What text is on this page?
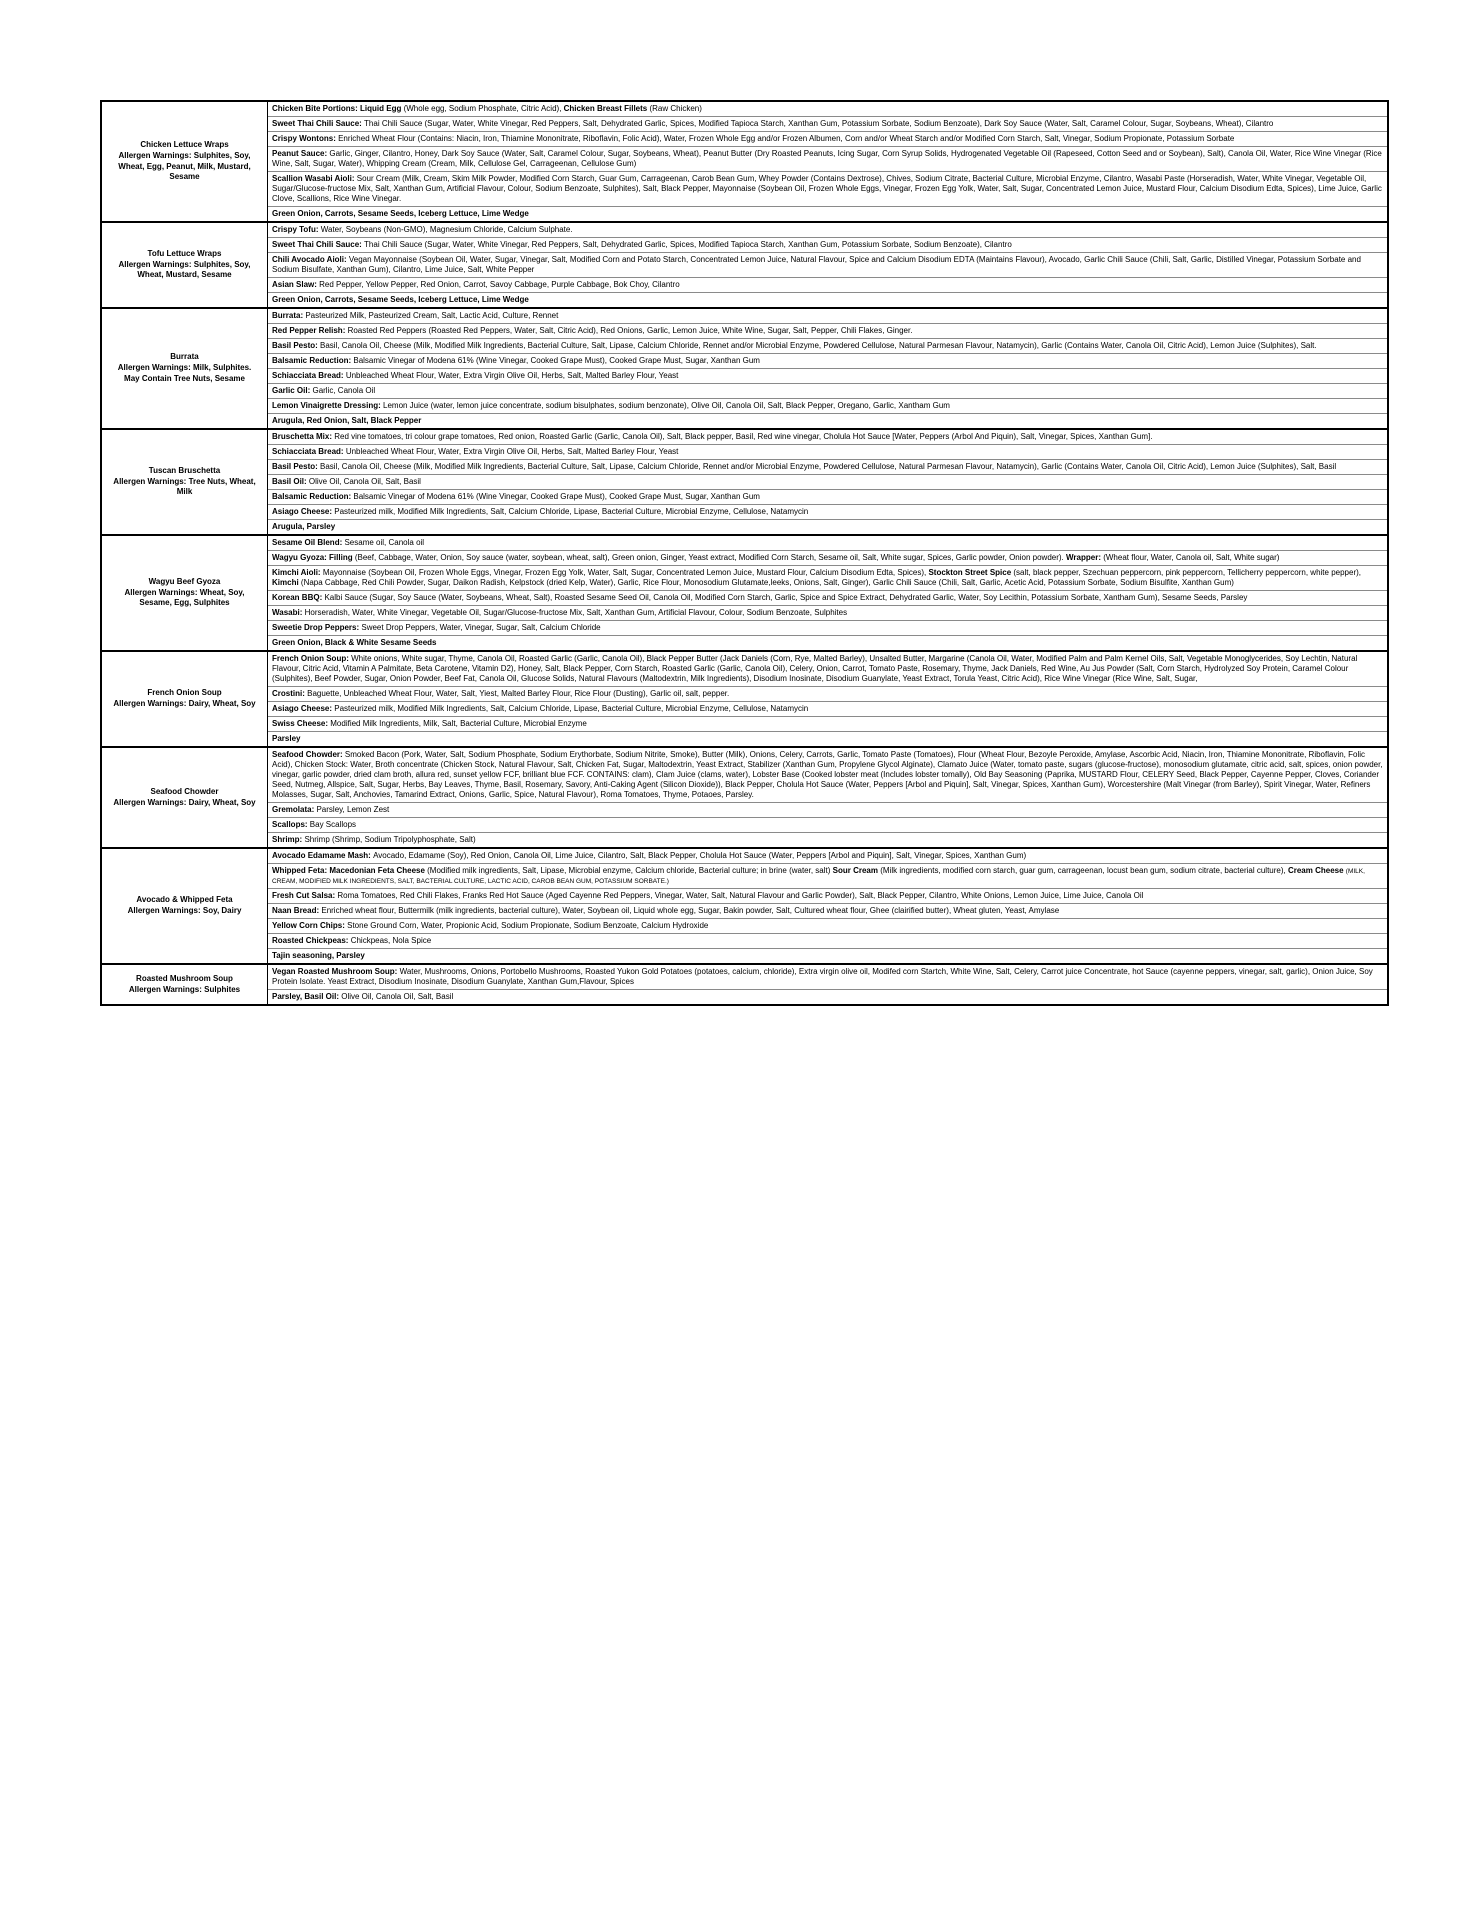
Chicken Lettuce Wraps
Allergen Warnings: Sulphites, Soy, Wheat, Egg, Peanut, Milk, Mustard, Sesame
Chicken Bite Portions: Liquid Egg (Whole egg, Sodium Phosphate, Citric Acid), Chicken Breast Fillets (Raw Chicken)
Sweet Thai Chili Sauce: Thai Chili Sauce (Sugar, Water, White Vinegar, Red Peppers, Salt, Dehydrated Garlic, Spices, Modified Tapioca Starch, Xanthan Gum, Potassium Sorbate, Sodium Benzoate), Dark Soy Sauce (Water, Salt, Caramel Colour, Sugar, Soybeans, Wheat), Cilantro
Crispy Wontons: Enriched Wheat Flour (Contains: Niacin, Iron, Thiamine Mononitrate, Riboflavin, Folic Acid), Water, Frozen Whole Egg and/or Frozen Albumen, Corn and/or Wheat Starch and/or Modified Corn Starch, Salt, Vinegar, Sodium Propionate, Potassium Sorbate
Peanut Sauce: Garlic, Ginger, Cilantro, Honey, Dark Soy Sauce (Water, Salt, Caramel Colour, Sugar, Soybeans, Wheat), Peanut Butter (Dry Roasted Peanuts, Icing Sugar, Corn Syrup Solids, Hydrogenated Vegetable Oil (Rapeseed, Cotton Seed and or Soybean), Salt), Canola Oil, Water, Rice Wine Vinegar (Rice Wine, Salt, Sugar, Water), Whipping Cream (Cream, Milk, Cellulose Gel, Carrageenan, Cellulose Gum)
Scallion Wasabi Aioli: Sour Cream (Milk, Cream, Skim Milk Powder, Modified Corn Starch, Guar Gum, Carrageenan, Carob Bean Gum, Whey Powder (Contains Dextrose), Chives, Sodium Citrate, Bacterial Culture, Microbial Enzyme, Cilantro, Wasabi Paste (Horseradish, Water, White Vinegar, Vegetable Oil, Sugar/Glucose-fructose Mix, Salt, Xanthan Gum, Artificial Flavour, Colour, Sodium Benzoate, Sulphites), Salt, Black Pepper, Mayonnaise (Soybean Oil, Frozen Whole Eggs, Vinegar, Frozen Egg Yolk, Water, Salt, Sugar, Concentrated Lemon Juice, Mustard Flour, Calcium Disodium Edta, Spices), Lime Juice, Garlic Clove, Scallions, Rice Wine Vinegar.
Green Onion, Carrots, Sesame Seeds, Iceberg Lettuce, Lime Wedge
Tofu Lettuce Wraps
Allergen Warnings: Sulphites, Soy, Wheat, Mustard, Sesame
Crispy Tofu: Water, Soybeans (Non-GMO), Magnesium Chloride, Calcium Sulphate.
Sweet Thai Chili Sauce: Thai Chili Sauce (Sugar, Water, White Vinegar, Red Peppers, Salt, Dehydrated Garlic, Spices, Modified Tapioca Starch, Xanthan Gum, Potassium Sorbate, Sodium Benzoate), Cilantro
Chili Avocado Aioli: Vegan Mayonnaise (Soybean Oil, Water, Sugar, Vinegar, Salt, Modified Corn and Potato Starch, Concentrated Lemon Juice, Natural Flavour, Spice and Calcium Disodium EDTA (Maintains Flavour), Avocado, Garlic Chili Sauce (Chili, Salt, Garlic, Distilled Vinegar, Potassium Sorbate and Sodium Bisulfate, Xanthan Gum), Cilantro, Lime Juice, Salt, White Pepper
Asian Slaw: Red Pepper, Yellow Pepper, Red Onion, Carrot, Savoy Cabbage, Purple Cabbage, Bok Choy, Cilantro
Green Onion, Carrots, Sesame Seeds, Iceberg Lettuce, Lime Wedge
Burrata
Allergen Warnings: Milk, Sulphites. May Contain Tree Nuts, Sesame
Burrata: Pasteurized Milk, Pasteurized Cream, Salt, Lactic Acid, Culture, Rennet
Red Pepper Relish: Roasted Red Peppers (Roasted Red Peppers, Water, Salt, Citric Acid), Red Onions, Garlic, Lemon Juice, White Wine, Sugar, Salt, Pepper, Chili Flakes, Ginger.
Basil Pesto: Basil, Canola Oil, Cheese (Milk, Modified Milk Ingredients, Bacterial Culture, Salt, Lipase, Calcium Chloride, Rennet and/or Microbial Enzyme, Powdered Cellulose, Natural Parmesan Flavour, Natamycin), Garlic (Contains Water, Canola Oil, Citric Acid), Lemon Juice (Sulphites), Salt.
Balsamic Reduction: Balsamic Vinegar of Modena 61% (Wine Vinegar, Cooked Grape Must), Cooked Grape Must, Sugar, Xanthan Gum
Schiacciata Bread: Unbleached Wheat Flour, Water, Extra Virgin Olive Oil, Herbs, Salt, Malted Barley Flour, Yeast
Garlic Oil: Garlic, Canola Oil
Lemon Vinaigrette Dressing: Lemon Juice (water, lemon juice concentrate, sodium bisulphates, sodium benzonate), Olive Oil, Canola Oil, Salt, Black Pepper, Oregano, Garlic, Xantham Gum
Arugula, Red Onion, Salt, Black Pepper
Tuscan Bruschetta
Allergen Warnings: Tree Nuts, Wheat, Milk
Bruschetta Mix: Red vine tomatoes, tri colour grape tomatoes, Red onion, Roasted Garlic (Garlic, Canola Oil), Salt, Black pepper, Basil, Red wine vinegar, Cholula Hot Sauce [Water, Peppers (Arbol And Piquin), Salt, Vinegar, Spices, Xanthan Gum].
Schiacciata Bread: Unbleached Wheat Flour, Water, Extra Virgin Olive Oil, Herbs, Salt, Malted Barley Flour, Yeast
Basil Pesto: Basil, Canola Oil, Cheese (Milk, Modified Milk Ingredients, Bacterial Culture, Salt, Lipase, Calcium Chloride, Rennet and/or Microbial Enzyme, Powdered Cellulose, Natural Parmesan Flavour, Natamycin), Garlic (Contains Water, Canola Oil, Citric Acid), Lemon Juice (Sulphites), Salt, Basil
Basil Oil: Olive Oil, Canola Oil, Salt, Basil
Balsamic Reduction: Balsamic Vinegar of Modena 61% (Wine Vinegar, Cooked Grape Must), Cooked Grape Must, Sugar, Xanthan Gum
Asiago Cheese: Pasteurized milk, Modified Milk Ingredients, Salt, Calcium Chloride, Lipase, Bacterial Culture, Microbial Enzyme, Cellulose, Natamycin
Arugula, Parsley
Wagyu Beef Gyoza
Allergen Warnings: Wheat, Soy, Sesame, Egg, Sulphites
Sesame Oil Blend: Sesame oil, Canola oil
Wagyu Gyoza: Filling (Beef, Cabbage, Water, Onion, Soy sauce (water, soybean, wheat, salt), Green onion, Ginger, Yeast extract, Modified Corn Starch, Sesame oil, Salt, White sugar, Spices, Garlic powder, Onion powder). Wrapper: (Wheat flour, Water, Canola oil, Salt, White sugar)
Kimchi Aioli: Mayonnaise (Soybean Oil, Frozen Whole Eggs, Vinegar, Frozen Egg Yolk, Water, Salt, Sugar, Concentrated Lemon Juice, Mustard Flour, Calcium Disodium Edta, Spices), Stockton Street Spice (salt, black pepper, Szechuan peppercorn, pink peppercorn, Tellicherry peppercorn, white pepper), Kimchi (Napa Cabbage, Red Chili Powder, Sugar, Daikon Radish, Kelpstock (dried Kelp, Water), Garlic, Rice Flour, Monosodium Glutamate,leeks, Onions, Salt, Ginger), Garlic Chili Sauce (Chili, Salt, Garlic, Acetic Acid, Potassium Sorbate, Sodium Bisulfite, Xanthan Gum)
Korean BBQ: Kalbi Sauce (Sugar, Soy Sauce (Water, Soybeans, Wheat, Salt), Roasted Sesame Seed Oil, Canola Oil, Modified Corn Starch, Garlic, Spice and Spice Extract, Dehydrated Garlic, Water, Soy Lecithin, Potassium Sorbate, Xantham Gum), Sesame Seeds, Parsley
Wasabi: Horseradish, Water, White Vinegar, Vegetable Oil, Sugar/Glucose-fructose Mix, Salt, Xanthan Gum, Artificial Flavour, Colour, Sodium Benzoate, Sulphites
Sweetie Drop Peppers: Sweet Drop Peppers, Water, Vinegar, Sugar, Salt, Calcium Chloride
Green Onion, Black & White Sesame Seeds
French Onion Soup
Allergen Warnings: Dairy, Wheat, Soy
French Onion Soup: White onions, White sugar, Thyme, Canola Oil, Roasted Garlic (Garlic, Canola Oil), Black Pepper Butter (Jack Daniels (Corn, Rye, Malted Barley), Unsalted Butter, Margarine (Canola Oil, Water, Modified Palm and Palm Kernel Oils, Salt, Vegetable Monoglycerides, Soy Lechtin, Natural Flavour, Citric Acid, Vitamin A Palmitate, Beta Carotene, Vitamin D2), Honey, Salt, Black Pepper, Corn Starch, Roasted Garlic (Garlic, Canola Oil), Celery, Onion, Carrot, Tomato Paste, Rosemary, Thyme, Jack Daniels, Red Wine, Au Jus Powder (Salt, Corn Starch, Hydrolyzed Soy Protein, Caramel Colour (Sulphites), Beef Powder, Sugar, Onion Powder, Beef Fat, Canola Oil, Glucose Solids, Natural Flavours (Maltodextrin, Milk Ingredients), Disodium Inosinate, Disodium Guanylate, Yeast Extract, Torula Yeast, Citric Acid), Rice Wine Vinegar (Rice Wine, Salt, Sugar,
Crostini: Baguette, Unbleached Wheat Flour, Water, Salt, Yiest, Malted Barley Flour, Rice Flour (Dusting), Garlic oil, salt, pepper.
Asiago Cheese: Pasteurized milk, Modified Milk Ingredients, Salt, Calcium Chloride, Lipase, Bacterial Culture, Microbial Enzyme, Cellulose, Natamycin
Swiss Cheese: Modified Milk Ingredients, Milk, Salt, Bacterial Culture, Microbial Enzyme
Parsley
Seafood Chowder
Allergen Warnings: Dairy, Wheat, Soy
Seafood Chowder: Smoked Bacon (Pork, Water, Salt, Sodium Phosphate, Sodium Erythorbate, Sodium Nitrite, Smoke), Butter (Milk), Onions, Celery, Carrots, Garlic, Tomato Paste (Tomatoes), Flour (Wheat Flour, Bezoyle Peroxide, Amylase, Ascorbic Acid, Niacin, Iron, Thiamine Mononitrate, Riboflavin, Folic Acid), Chicken Stock: Water, Broth concentrate (Chicken Stock, Natural Flavour, Salt, Chicken Fat, Sugar, Maltodextrin, Yeast Extract, Stabilizer (Xanthan Gum, Propylene Glycol Alginate), Clamato Juice (Water, tomato paste, sugars (glucose-fructose), monosodium glutamate, citric acid, salt, spices, onion powder, vinegar, garlic powder, dried clam broth, allura red, sunset yellow FCF, brilliant blue FCF. CONTAINS: clam), Clam Juice (clams, water), Lobster Base (Cooked lobster meat (Includes lobster tomally), Old Bay Seasoning (Paprika, MUSTARD Flour, CELERY Seed, Black Pepper, Cayenne Pepper, Cloves, Coriander Seed, Nutmeg, Allspice, Salt, Sugar, Herbs, Bay Leaves, Thyme, Basil, Rosemary, Savory, Anti-Caking Agent (Silicon Dioxide)), Black Pepper, Cholula Hot Sauce (Water, Peppers [Arbol and Piquin], Salt, Vinegar, Spices, Xanthan Gum), Worcestershire (Malt Vinegar (from Barley), Spirit Vinegar, Water, Refiners Molasses, Sugar, Salt, Anchovies, Tamarind Extract, Onions, Garlic, Spice, Natural Flavour), Roma Tomatoes, Thyme, Potaoes, Parsley.
Gremolata: Parsley, Lemon Zest
Scallops: Bay Scallops
Shrimp: Shrimp (Shrimp, Sodium Tripolyphosphate, Salt)
Avocado & Whipped Feta
Allergen Warnings: Soy, Dairy
Avocado Edamame Mash: Avocado, Edamame (Soy), Red Onion, Canola Oil, Lime Juice, Cilantro, Salt, Black Pepper, Cholula Hot Sauce (Water, Peppers [Arbol and Piquin], Salt, Vinegar, Spices, Xanthan Gum)
Whipped Feta: Macedonian Feta Cheese (Modified milk ingredients, Salt, Lipase, Microbial enzyme, Calcium chloride, Bacterial culture; in brine (water, salt) Sour Cream (Milk ingredients, modified corn starch, guar gum, carrageenan, locust bean gum, sodium citrate, bacterial culture), Cream Cheese (MILK, CREAM, MODIFIED MILK INGREDIENTS, SALT, BACTERIAL CULTURE, LACTIC ACID, CAROB BEAN GUM, POTASSIUM SORBATE.)
Fresh Cut Salsa: Roma Tomatoes, Red Chili Flakes, Franks Red Hot Sauce (Aged Cayenne Red Peppers, Vinegar, Water, Salt, Natural Flavour and Garlic Powder), Salt, Black Pepper, Cilantro, White Onions, Lemon Juice, Lime Juice, Canola Oil
Naan Bread: Enriched wheat flour, Buttermilk (milk ingredients, bacterial culture), Water, Soybean oil, Liquid whole egg, Sugar, Bakin powder, Salt, Cultured wheat flour, Ghee (clairified butter), Wheat gluten, Yeast, Amylase
Yellow Corn Chips: Stone Ground Corn, Water, Propionic Acid, Sodium Propionate, Sodium Benzoate, Calcium Hydroxide
Roasted Chickpeas: Chickpeas, Nola Spice
Tajin seasoning, Parsley
Roasted Mushroom Soup
Allergen Warnings: Sulphites
Vegan Roasted Mushroom Soup: Water, Mushrooms, Onions, Portobello Mushrooms, Roasted Yukon Gold Potatoes (potatoes, calcium, chloride), Extra virgin olive oil, Modifed corn Startch, White Wine, Salt, Celery, Carrot juice Concentrate, hot Sauce (cayenne peppers, vinegar, salt, garlic), Onion Juice, Soy Protein Isolate. Yeast Extract, Disodium Inosinate, Disodium Guanylate, Xanthan Gum,Flavour, Spices
Parsley, Basil Oil: Olive Oil, Canola Oil, Salt, Basil
